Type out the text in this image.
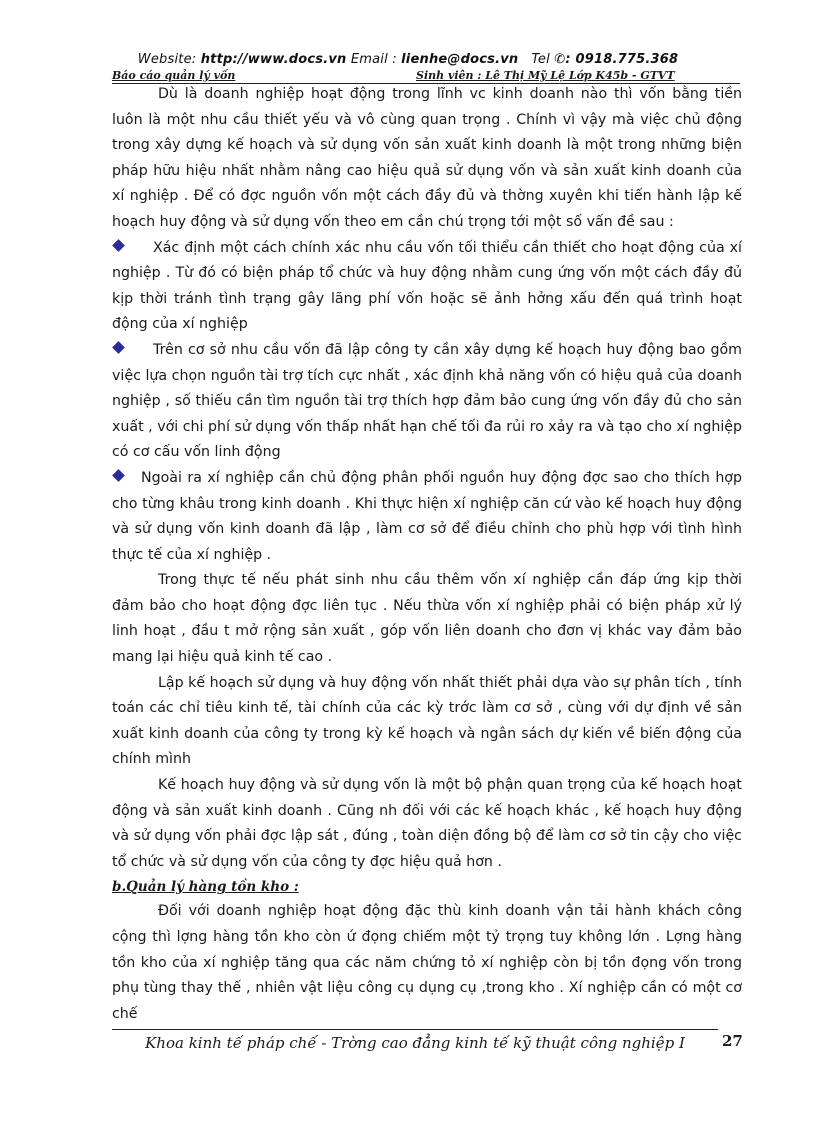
Website: http://www.docs.vn Email : lienhe@docs.vn Tel ✆: 0918.775.368
Báo cáo quản lý vốn	Sinh viên : Lê Thị Mỹ Lệ Lớp K45b - GTVT

Dù là doanh nghiệp hoạt động trong lĩnh vc kinh doanh nào thì vốn bằng tiền luôn là một nhu cầu thiết yếu và vô cùng quan trọng . Chính vì vậy mà việc chủ động trong xây dựng kế hoạch và sử dụng vốn sản xuất kinh doanh là một trong những biện pháp hữu hiệu nhất nhằm nâng cao hiệu quả sử dụng vốn và sản xuất kinh doanh của xí nghiệp . Để có đợc nguồn vốn một cách đầy đủ và thờng xuyên khi tiến hành lập kế hoạch huy động và sử dụng vốn theo em cần chú trọng tới một số vấn đề sau :

Xác định một cách chính xác nhu cầu vốn tối thiểu cần thiết cho hoạt động của xí nghiệp . Từ đó có biện pháp tổ chức và huy động nhằm cung ứng vốn một cách đầy đủ kịp thời tránh tình trạng gây lãng phí vốn hoặc sẽ ảnh hởng xấu đến quá trình hoạt động của xí nghiệp

Trên cơ sở nhu cầu vốn đã lập công ty cần xây dựng kế hoạch huy động bao gồm việc lựa chọn nguồn tài trợ tích cực nhất , xác định khả năng vốn có hiệu quả của doanh nghiệp , số thiếu cần tìm nguồn tài trợ thích hợp đảm bảo cung ứng vốn đầy đủ cho sản xuất , với chi phí sử dụng vốn thấp nhất hạn chế tối đa rủi ro xảy ra và tạo cho xí nghiệp có cơ cấu vốn linh động

Ngoài ra xí nghiệp cần chủ động phân phối nguồn huy động đợc sao cho thích hợp cho từng khâu trong kinh doanh . Khi thực hiện xí nghiệp căn cứ vào kế hoạch huy động và sử dụng vốn kinh doanh đã lập , làm cơ sở để điều chỉnh cho phù hợp với tình hình thực tế của xí nghiệp .

Trong thực tế nếu phát sinh nhu cầu thêm vốn xí nghiệp cần đáp ứng kịp thời đảm bảo cho hoạt động đợc liên tục . Nếu thừa vốn xí nghiệp phải có biện pháp xử lý linh hoạt , đầu t mở rộng sản xuất , góp vốn liên doanh cho đơn vị khác vay đảm bảo mang lại hiệu quả kinh tế cao .

Lập kế hoạch sử dụng và huy động vốn nhất thiết phải dựa vào sự phân tích , tính toán các chỉ tiêu kinh tế, tài chính của các kỳ trớc làm cơ sở , cùng với dự định về sản xuất kinh doanh của công ty trong kỳ kế hoạch và ngân sách dự kiến về biến động của chính mình

Kế hoạch huy động và sử dụng vốn là một bộ phận quan trọng của kế hoạch hoạt động và sản xuất kinh doanh . Cũng nh đối với các kế hoạch khác , kế hoạch huy động và sử dụng vốn phải đợc lập sát , đúng , toàn diện đồng bộ để làm cơ sở tin cậy cho việc tổ chức và sử dụng vốn của công ty đợc hiệu quả hơn .

b.Quản lý hàng tồn kho :

Đối với doanh nghiệp hoạt động đặc thù kinh doanh vận tải hành khách công cộng thì lợng hàng tồn kho còn ứ đọng chiếm một tỷ trọng tuy không lớn . Lợng hàng tồn kho của xí nghiệp tăng qua các năm chứng tỏ xí nghiệp còn bị tồn đọng vốn trong phụ tùng thay thế , nhiên vật liệu công cụ dụng cụ ,trong kho . Xí nghiệp cần có một cơ chế

Khoa kinh tế pháp chế - Trờng cao đẳng kinh tế kỹ thuật công nghiệp I	27
